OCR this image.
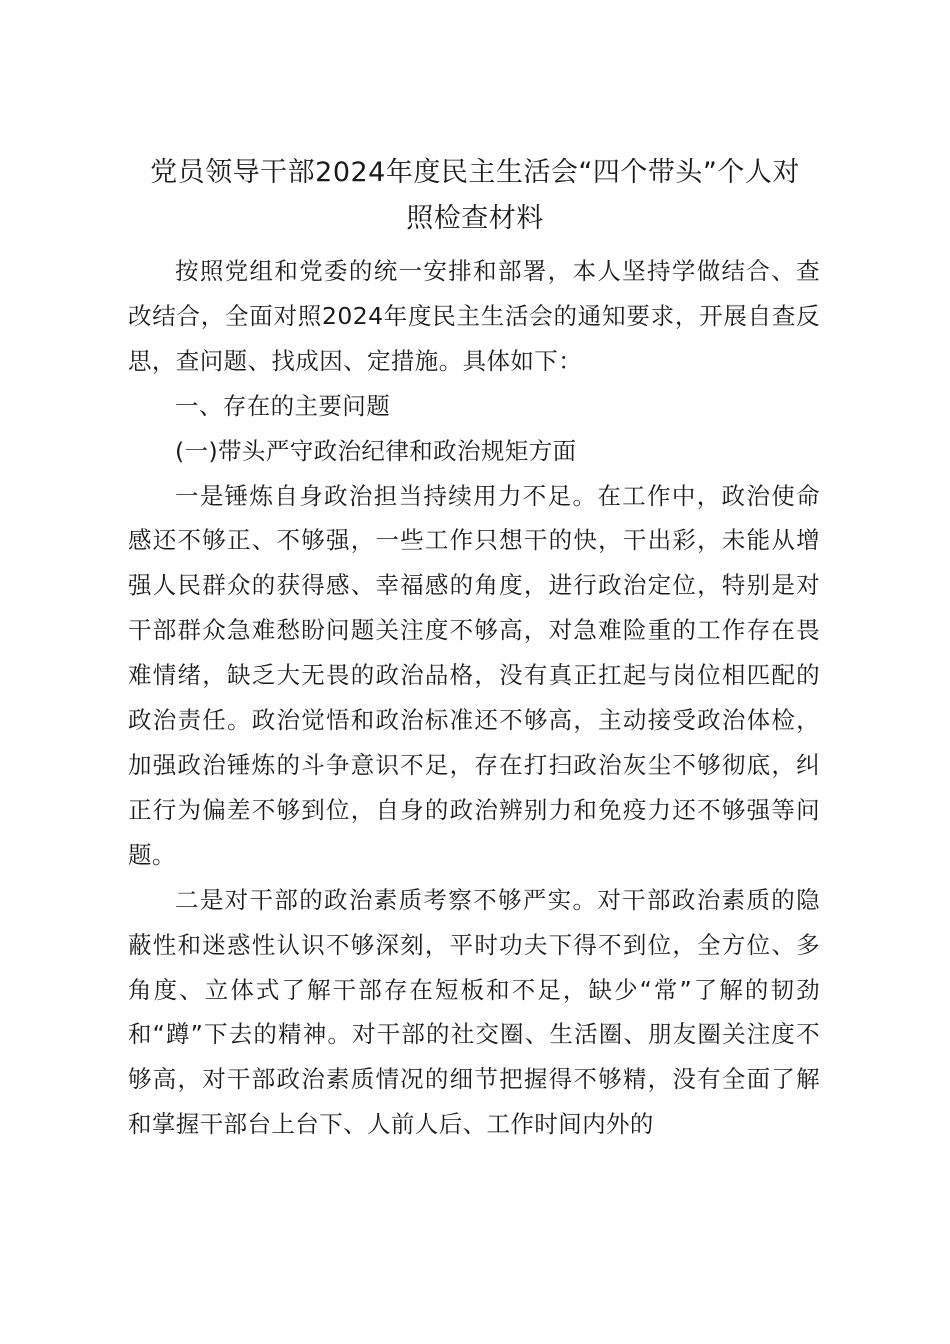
党员领导干部2024年度民主生活会“四个带头”个人对
照检查材料

按照党组和党委的统一安排和部署，本人坚持学做结合、查改结合，全面对照2024年度民主生活会的通知要求，开展自查反思，查问题、找成因、定措施。具体如下：

一、存在的主要问题

(一)带头严守政治纪律和政治规矩方面

一是锤炼自身政治担当持续用力不足。在工作中，政治使命感还不够正、不够强，一些工作只想干的快，干出彩，未能从增强人民群众的获得感、幸福感的角度，进行政治定位，特别是对干部群众急难愁盼问题关注度不够高，对急难险重的工作存在畏难情绪，缺乏大无畏的政治品格，没有真正扛起与岗位相匹配的政治责任。政治觉悟和政治标准还不够高，主动接受政治体检，加强政治锤炼的斗争意识不足，存在打扫政治灰尘不够彻底，纠正行为偏差不够到位，自身的政治辨别力和免疫力还不够强等问题。

二是对干部的政治素质考察不够严实。对干部政治素质的隐蔽性和迷惑性认识不够深刻，平时功夫下得不到位，全方位、多角度、立体式了解干部存在短板和不足，缺少“常”了解的韧劲和“蹲”下去的精神。对干部的社交圈、生活圈、朋友圈关注度不够高，对干部政治素质情况的细节把握得不够精，没有全面了解和掌握干部台上台下、人前人后、工作时间内外的
